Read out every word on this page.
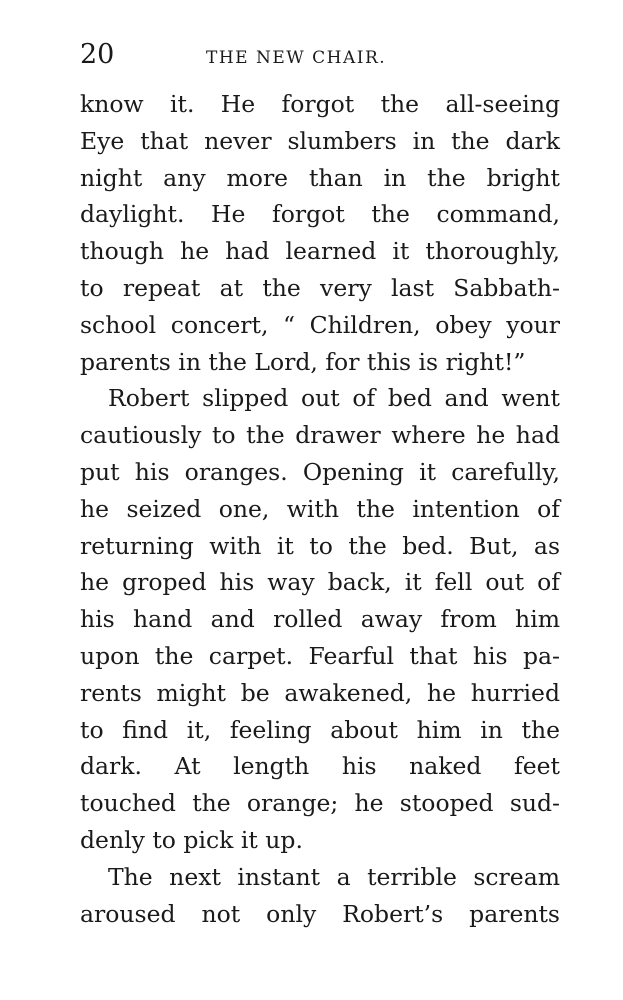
20	THE NEW CHAIR.
know it. He forgot the all-seeing
Eye that never slumbers in the dark
night any more than in the bright
daylight. He forgot the command,
though he had learned it thoroughly,
to repeat at the very last Sabbath-
school concert, “ Children, obey your
parents in the Lord, for this is right!”
Robert slipped out of bed and went
cautiously to the drawer where he had
put his oranges. Opening it carefully,
he seized one, with the intention of
returning with it to the bed. But, as
he groped his way back, it fell out of
his hand and rolled away from him
upon the carpet. Fearful that his pa-
rents might be awakened, he hurried
to find it, feeling about him in the
dark. At length his naked feet
touched the orange; he stooped sud-
denly to pick it up.
The next instant a terrible scream
aroused not only Robert’s parents
